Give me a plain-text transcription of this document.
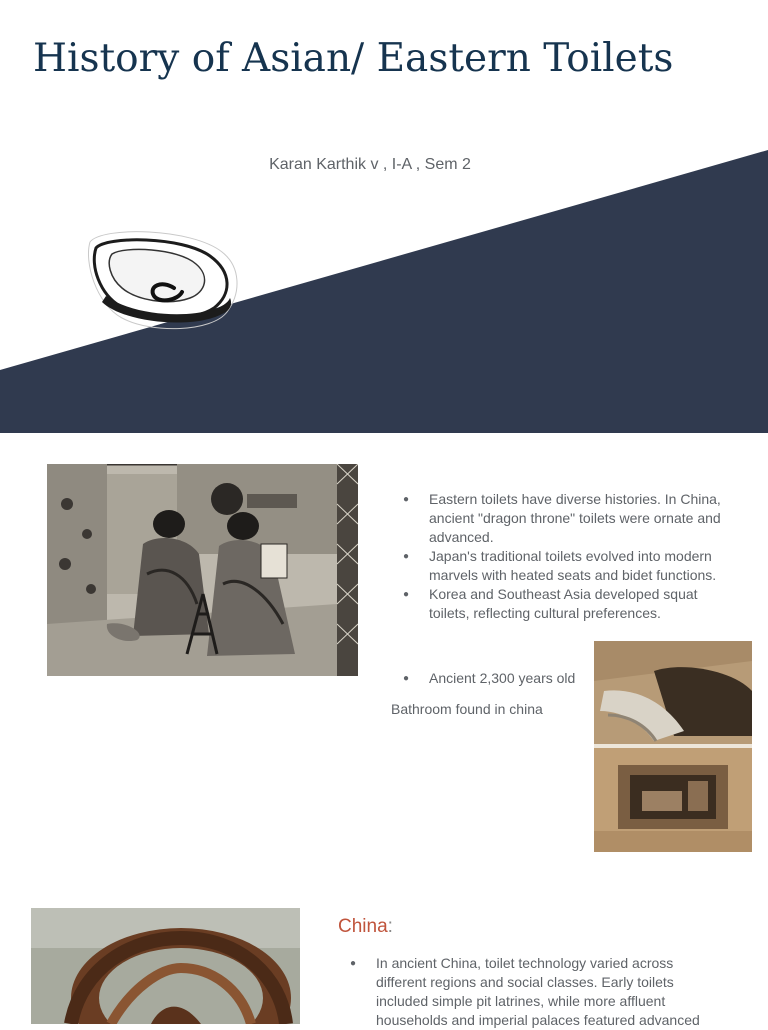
History of Asian/ Eastern Toilets
Karan Karthik v , I-A , Sem 2
● Eastern toilets have diverse histories. In China, ancient "dragon throne" toilets were ornate and advanced.
● Japan's traditional toilets evolved into modern marvels with heated seats and bidet functions.
● Korea and Southeast Asia developed squat toilets, reflecting cultural preferences.
● Ancient 2,300 years old
Bathroom found in china
China:
● In ancient China, toilet technology varied across different regions and social classes. Early toilets included simple pit latrines, while more affluent households and imperial palaces featured advanced
